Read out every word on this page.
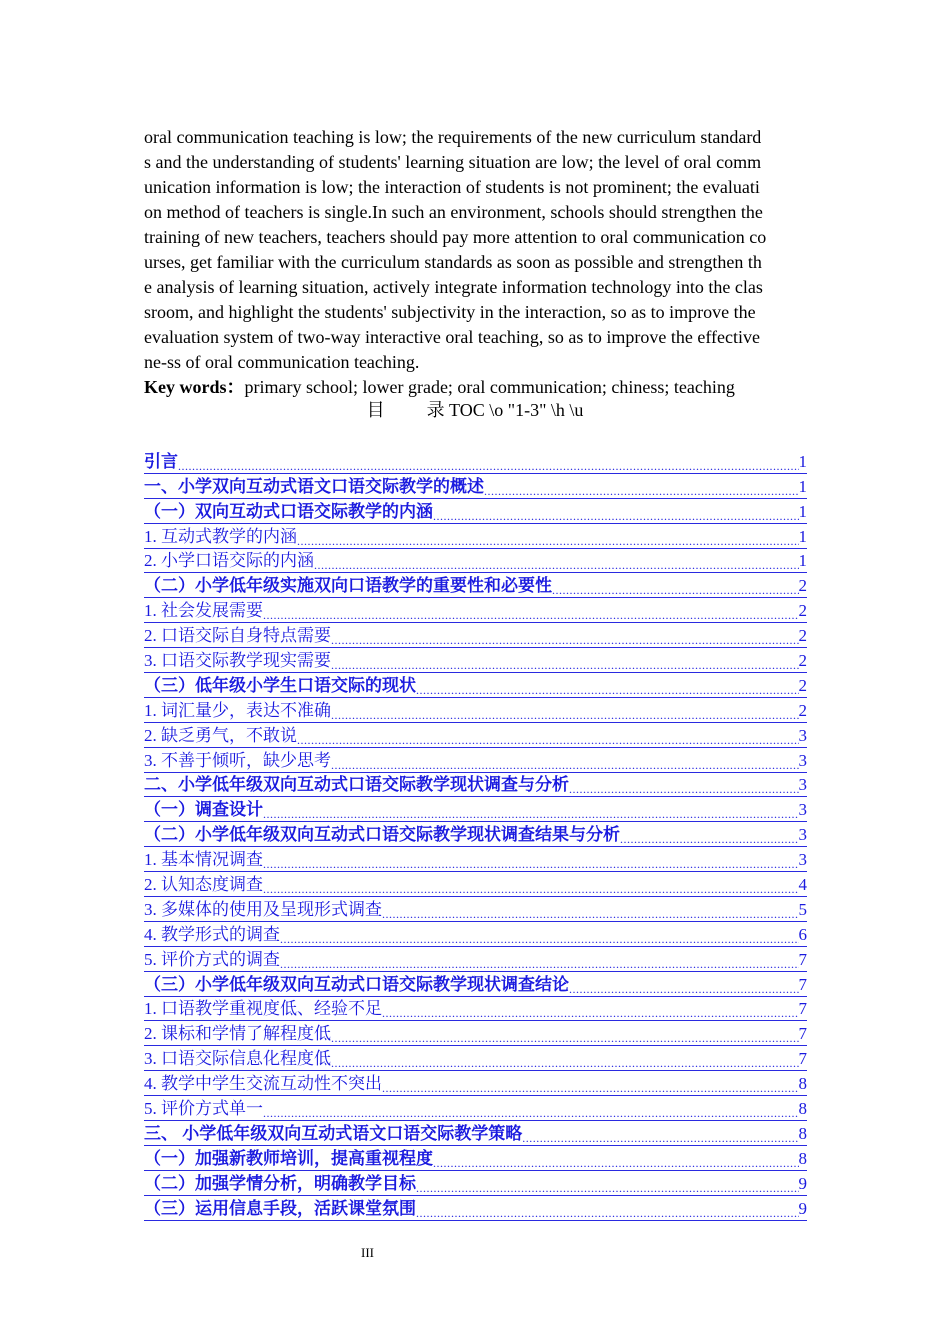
oral communication teaching is low; the requirements of the new curriculum standard
s and the understanding of students' learning situation are low; the level of oral comm
unication information is low; the interaction of students is not prominent; the evaluati
on method of teachers is single.In such an environment, schools should strengthen the
training of new teachers, teachers should pay more attention to oral communication co
urses, get familiar with the curriculum standards as soon as possible and strengthen th
e analysis of learning situation, actively integrate information technology into the clas
sroom, and highlight the students' subjectivity in the interaction, so as to improve the
evaluation system of two-way interactive oral teaching, so as to improve the effective
ne-ss of oral communication teaching.
Key words：primary school; lower grade; oral communication; chiness; teaching
目 录 TOC \o "1-3" \h \u
引言
.....	1
一、小学双向互动式语文口语交际教学的概述
.....	1
（一）双向互动式口语交际教学的内涵
.....	1
1. 互动式教学的内涵
.....	1
2. 小学口语交际的内涵
.....	1
（二）小学低年级实施双向口语教学的重要性和必要性
.....	2
1. 社会发展需要
.....	2
2. 口语交际自身特点需要
.....	2
3. 口语交际教学现实需要
.....	2
（三）低年级小学生口语交际的现状
.....	2
1. 词汇量少，表达不准确
.....	2
2. 缺乏勇气，不敢说
.....	3
3. 不善于倾听，缺少思考
.....	3
二、小学低年级双向互动式口语交际教学现状调查与分析
.....	3
（一）调查设计
.....	3
（二）小学低年级双向互动式口语交际教学现状调查结果与分析
.....	3
1. 基本情况调查
.....	3
2. 认知态度调查
.....	4
3. 多媒体的使用及呈现形式调查
.....	5
4. 教学形式的调查
.....	6
5. 评价方式的调查
.....	7
（三）小学低年级双向互动式口语交际教学现状调查结论
.....	7
1. 口语教学重视度低、经验不足
.....	7
2. 课标和学情了解程度低
.....	7
3. 口语交际信息化程度低
.....	7
4. 教学中学生交流互动性不突出
.....	8
5. 评价方式单一
.....	8
三、 小学低年级双向互动式语文口语交际教学策略
.....	8
（一）加强新教师培训，提高重视程度
.....	8
（二）加强学情分析，明确教学目标
.....	9
（三）运用信息手段，活跃课堂氛围
.....	9
III
